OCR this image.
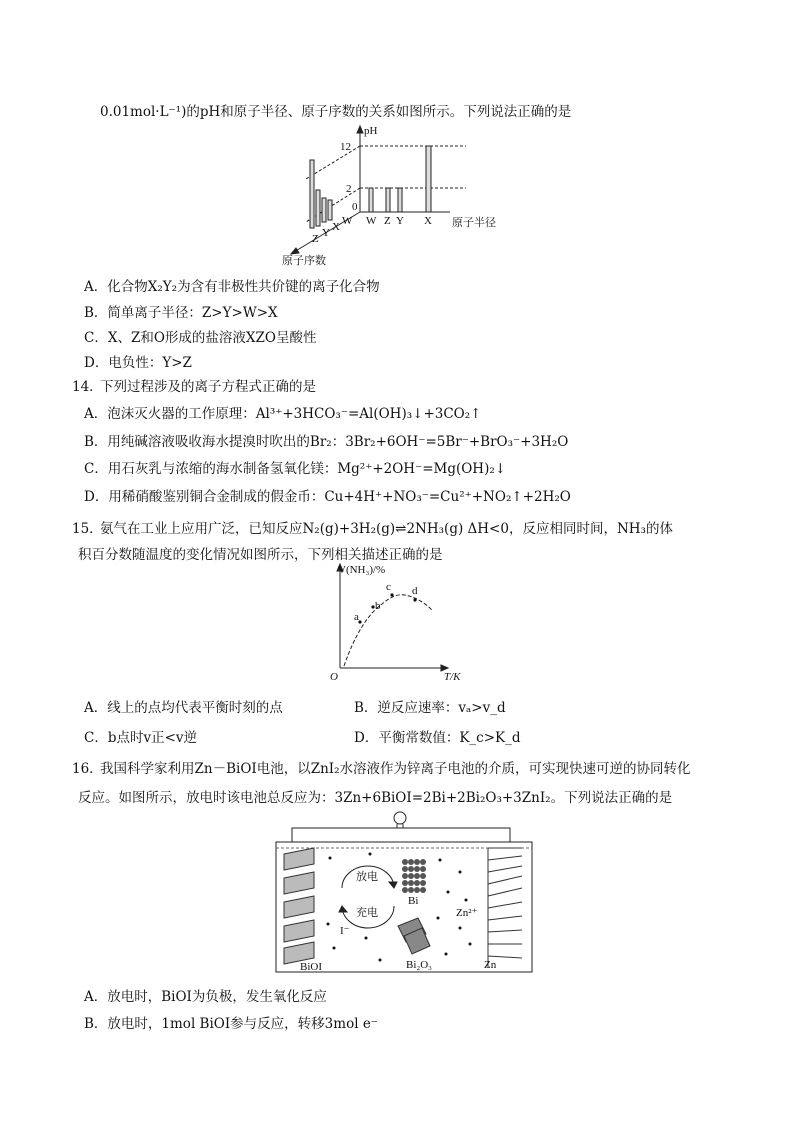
0.01mol·L⁻¹)的pH和原子半径、原子序数的关系如图所示。下列说法正确的是
pH
12
2
0
W Z Y X 原子半径
W
X
Y
Z
原子序数
A．化合物X₂Y₂为含有非极性共价键的离子化合物
B．简单离子半径：Z>Y>W>X
C．X、Z和O形成的盐溶液XZO呈酸性
D．电负性：Y>Z
14．
下列过程涉及的离子方程式正确的是
A．泡沫灭火器的工作原理：Al³⁺+3HCO₃⁻=Al(OH)₃↓+3CO₂↑
B．用纯碱溶液吸收海水提溴时吹出的Br₂：3Br₂+6OH⁻=5Br⁻+BrO₃⁻+3H₂O
C．用石灰乳与浓缩的海水制备氢氧化镁：Mg²⁺+2OH⁻=Mg(OH)₂↓
D．用稀硝酸鉴别铜合金制成的假金币：Cu+4H⁺+NO₃⁻=Cu²⁺+NO₂↑+2H₂O
15．
氨气在工业上应用广泛，已知反应N₂(g)+3H₂(g)⇌2NH₃(g) ΔH<0，反应相同时间，NH₃的体
积百分数随温度的变化情况如图所示，下列相关描述正确的是
V(NH₃)/%
O	T/K
a
b
c d
A．线上的点均代表平衡时刻的点	B．逆反应速率：vₐ>v_d
C．b点时v正<v逆	D．平衡常数值：K_c>K_d
16．
我国科学家利用Zn－BiOI电池，以ZnI₂水溶液作为锌离子电池的介质，可实现快速可逆的协同转化
反应。如图所示，放电时该电池总反应为：3Zn+6BiOI=2Bi+2Bi₂O₃+3ZnI₂。下列说法正确的是
放电
充电
Bi
Zn²⁺
I⁻
BiOI	Bi₂O₃	Zn
A．放电时，BiOI为负极，发生氧化反应
B．放电时，1mol BiOI参与反应，转移3mol e⁻
